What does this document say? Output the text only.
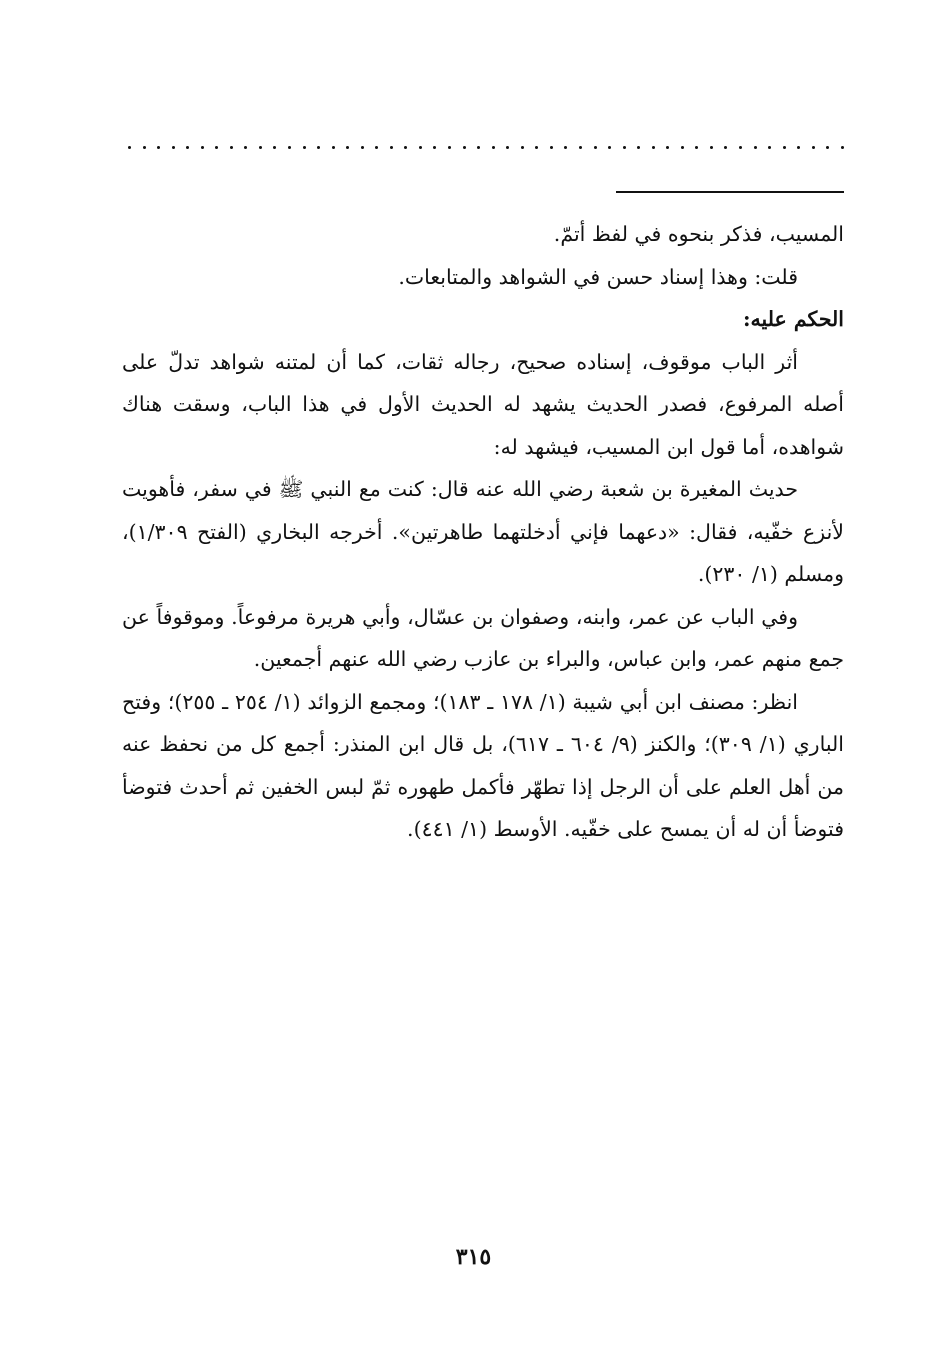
المسيب، فذكر بنحوه في لفظ أتمّ.

قلت: وهذا إسناد حسن في الشواهد والمتابعات.

الحكم عليه:

أثر الباب موقوف، إسناده صحيح، رجاله ثقات، كما أن لمتنه شواهد تدلّ على أصله المرفوع، فصدر الحديث يشهد له الحديث الأول في هذا الباب، وسقت هناك شواهده، أما قول ابن المسيب، فيشهد له:

حديث المغيرة بن شعبة رضي الله عنه قال: كنت مع النبي ﷺ في سفر، فأهويت لأنزع خفّيه، فقال: «دعهما فإني أدخلتهما طاهرتين». أخرجه البخاري (الفتح ١/٣٠٩)، ومسلم (١/ ٢٣٠).

وفي الباب عن عمر، وابنه، وصفوان بن عسّال، وأبي هريرة مرفوعاً. وموقوفاً عن جمع منهم عمر، وابن عباس، والبراء بن عازب رضي الله عنهم أجمعين.

انظر: مصنف ابن أبي شيبة (١/ ١٧٨ ـ ١٨٣)؛ ومجمع الزوائد (١/ ٢٥٤ ـ ٢٥٥)؛ وفتح الباري (١/ ٣٠٩)؛ والكنز (٩/ ٦٠٤ ـ ٦١٧)، بل قال ابن المنذر: أجمع كل من نحفظ عنه من أهل العلم على أن الرجل إذا تطهّر فأكمل طهوره ثمّ لبس الخفين ثم أحدث فتوضأ فتوضأ أن له أن يمسح على خفّيه. الأوسط (١/ ٤٤١).

٣١٥
